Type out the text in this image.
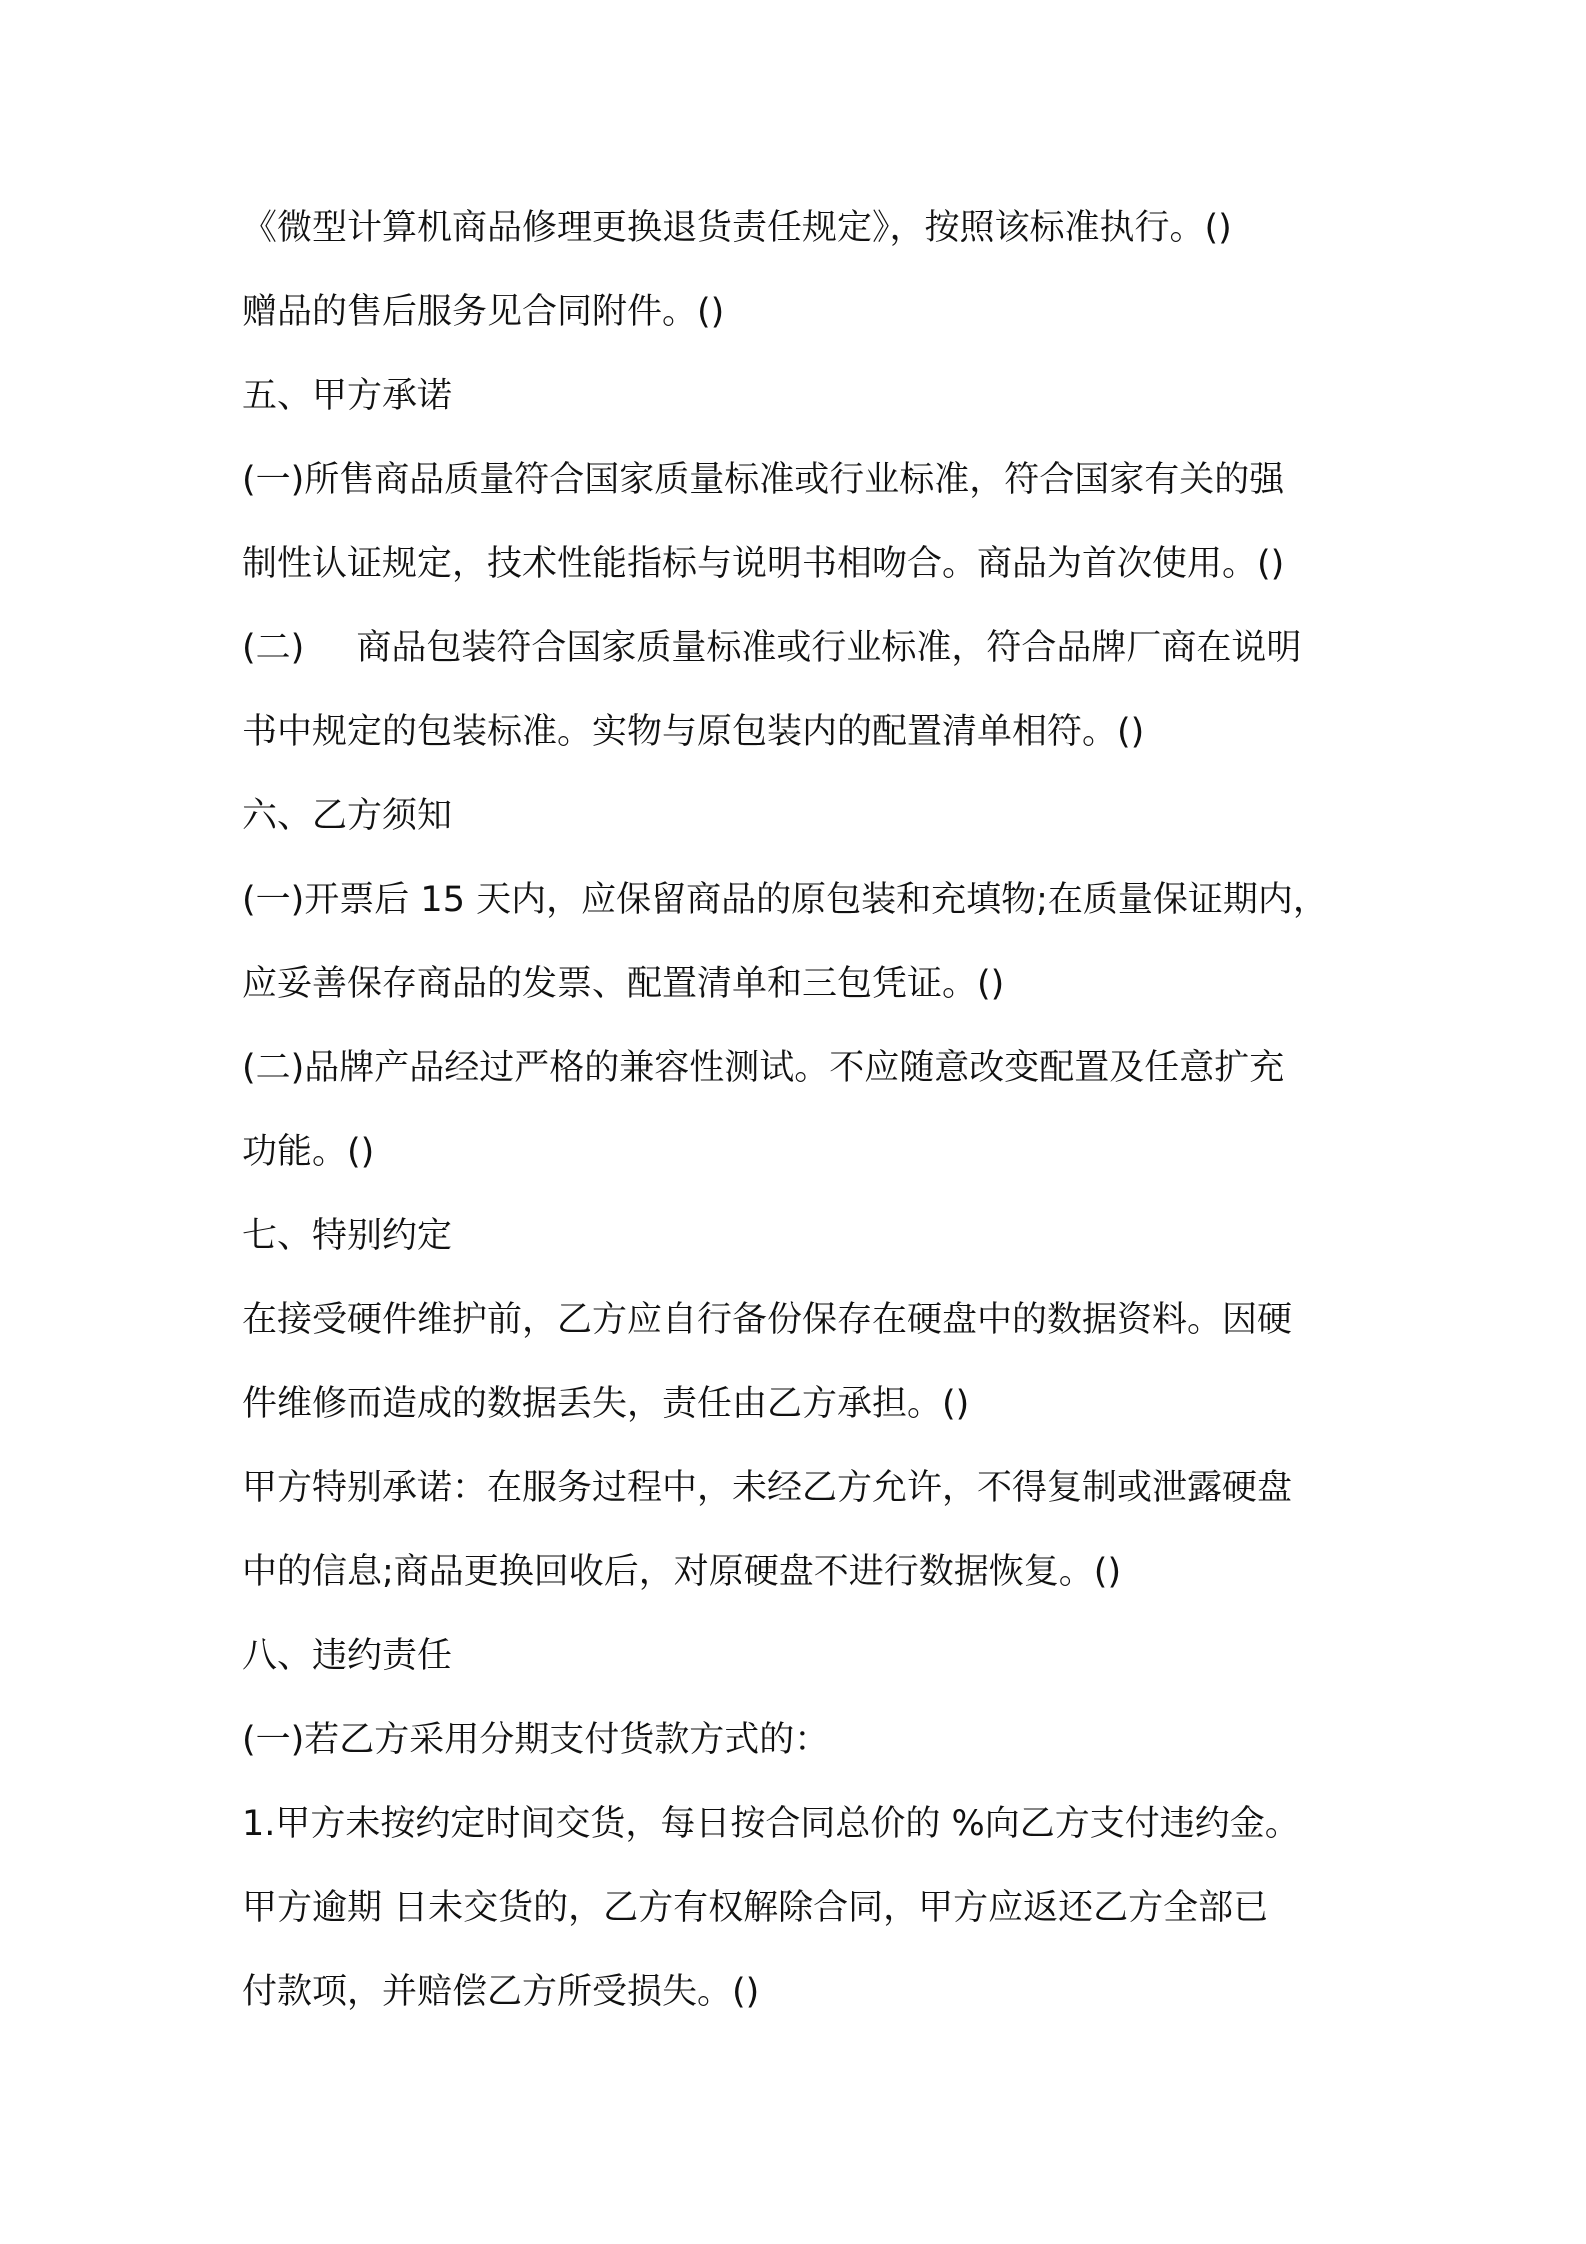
《微型计算机商品修理更换退货责任规定》，按照该标准执行。()
赠品的售后服务见合同附件。()
五、甲方承诺
(一)所售商品质量符合国家质量标准或行业标准，符合国家有关的强
制性认证规定，技术性能指标与说明书相吻合。商品为首次使用。()
(二) 商品包装符合国家质量标准或行业标准，符合品牌厂商在说明
书中规定的包装标准。实物与原包装内的配置清单相符。()
六、乙方须知
(一)开票后 15 天内，应保留商品的原包装和充填物;在质量保证期内，
应妥善保存商品的发票、配置清单和三包凭证。()
(二)品牌产品经过严格的兼容性测试。不应随意改变配置及任意扩充
功能。()
七、特别约定
在接受硬件维护前，乙方应自行备份保存在硬盘中的数据资料。因硬
件维修而造成的数据丢失，责任由乙方承担。()
甲方特别承诺：在服务过程中，未经乙方允许，不得复制或泄露硬盘
中的信息;商品更换回收后，对原硬盘不进行数据恢复。()
八、违约责任
(一)若乙方采用分期支付货款方式的：
1.甲方未按约定时间交货，每日按合同总价的 %向乙方支付违约金。
甲方逾期 日未交货的，乙方有权解除合同，甲方应返还乙方全部已
付款项，并赔偿乙方所受损失。()
